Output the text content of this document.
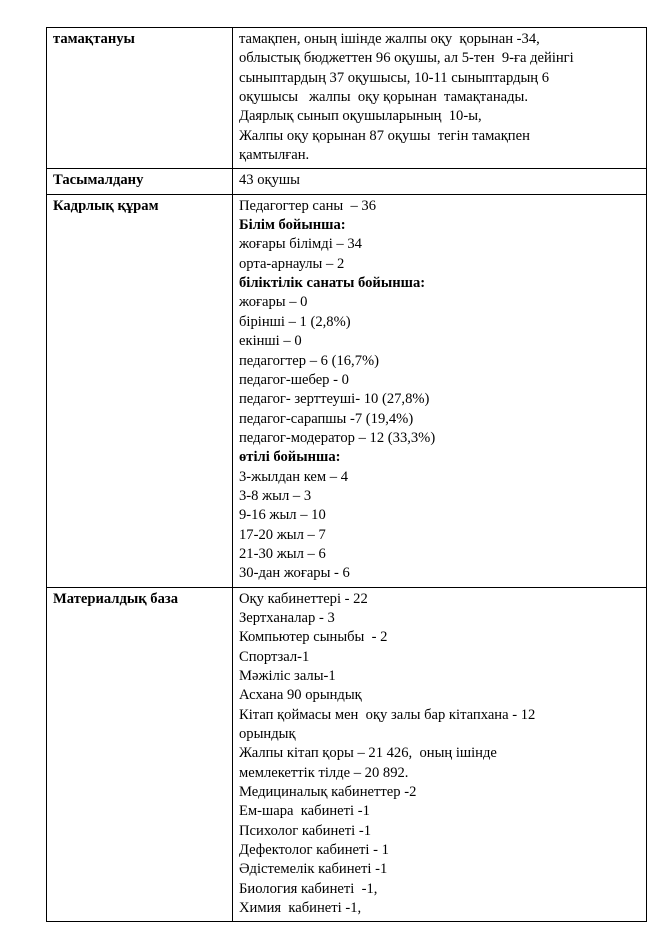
тамақтануы	тамақпен, оның ішінде жалпы оқу  қорынан -34,
облыстық бюджеттен 96 оқушы, ал 5-тен  9-ға дейінгі
сыныптардың 37 оқушысы, 10-11 сыныптардың 6
оқушысы   жалпы  оқу қорынан  тамақтанады.
Даярлық сынып оқушыларының  10-ы,
Жалпы оқу қорынан 87 оқушы  тегін тамақпен
қамтылған.

Тасымалдану	43 оқушы

Кадрлық құрам	Педагогтер саны  – 36
Білім бойынша:
жоғары білімді – 34
орта-арнаулы – 2
біліктілік санаты бойынша:
жоғары – 0
бірінші – 1 (2,8%)
екінші – 0
педагогтер – 6 (16,7%)
педагог-шебер - 0
педагог- зерттеуші- 10 (27,8%)
педагог-сарапшы -7 (19,4%)
педагог-модератор – 12 (33,3%)
өтілі бойынша:
3-жылдан кем – 4
3-8 жыл – 3
9-16 жыл – 10
17-20 жыл – 7
21-30 жыл – 6
30-дан жоғары - 6

Материалдық база	Оқу кабинеттері - 22
Зертханалар - 3
Компьютер сыныбы  - 2
Спортзал-1
Мәжіліс залы-1
Асхана 90 орындық
Кітап қоймасы мен  оқу залы бар кітапхана - 12
орындық
Жалпы кітап қоры – 21 426,  оның ішінде
мемлекеттік тілде – 20 892.
Медициналық кабинеттер -2
Ем-шара  кабинеті -1
Психолог кабинеті -1
Дефектолог кабинеті - 1
Әдістемелік кабинеті -1
Биология кабинеті  -1,
Химия  кабинеті -1,
